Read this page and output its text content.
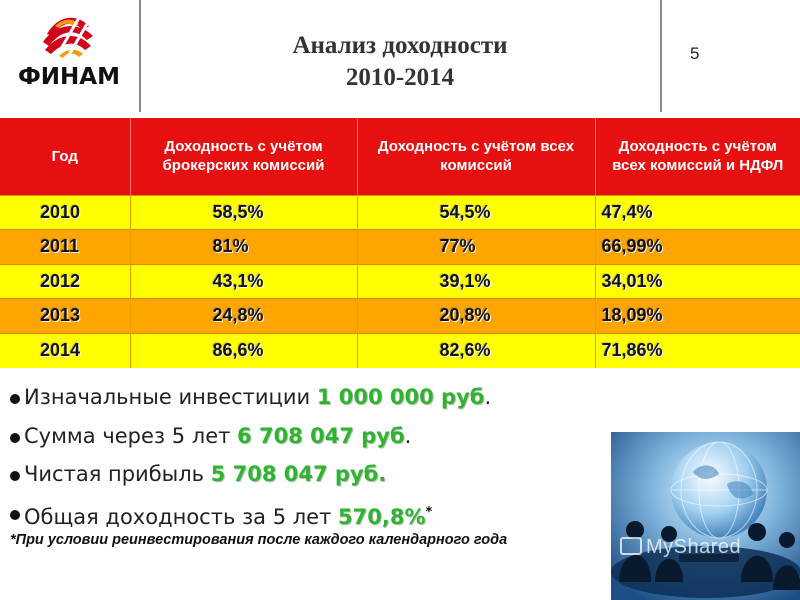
ФИНАМ
Анализ доходности
2010-2014
5
Год	Доходность с учётом брокерских комиссий	Доходность с учётом всех комиссий	Доходность с учётом всех комиссий и НДФЛ
2010	58,5%	54,5%	47,4%
2011	81%	77%	66,99%
2012	43,1%	39,1%	34,01%
2013	24,8%	20,8%	18,09%
2014	86,6%	82,6%	71,86%
Изначальные инвестиции 1 000 000 руб.
Сумма через 5 лет 6 708 047 руб.
Чистая прибыль 5 708 047 руб.
Общая доходность за 5 лет 570,8%*
*При условии реинвестирования после каждого календарного года	MyShared
